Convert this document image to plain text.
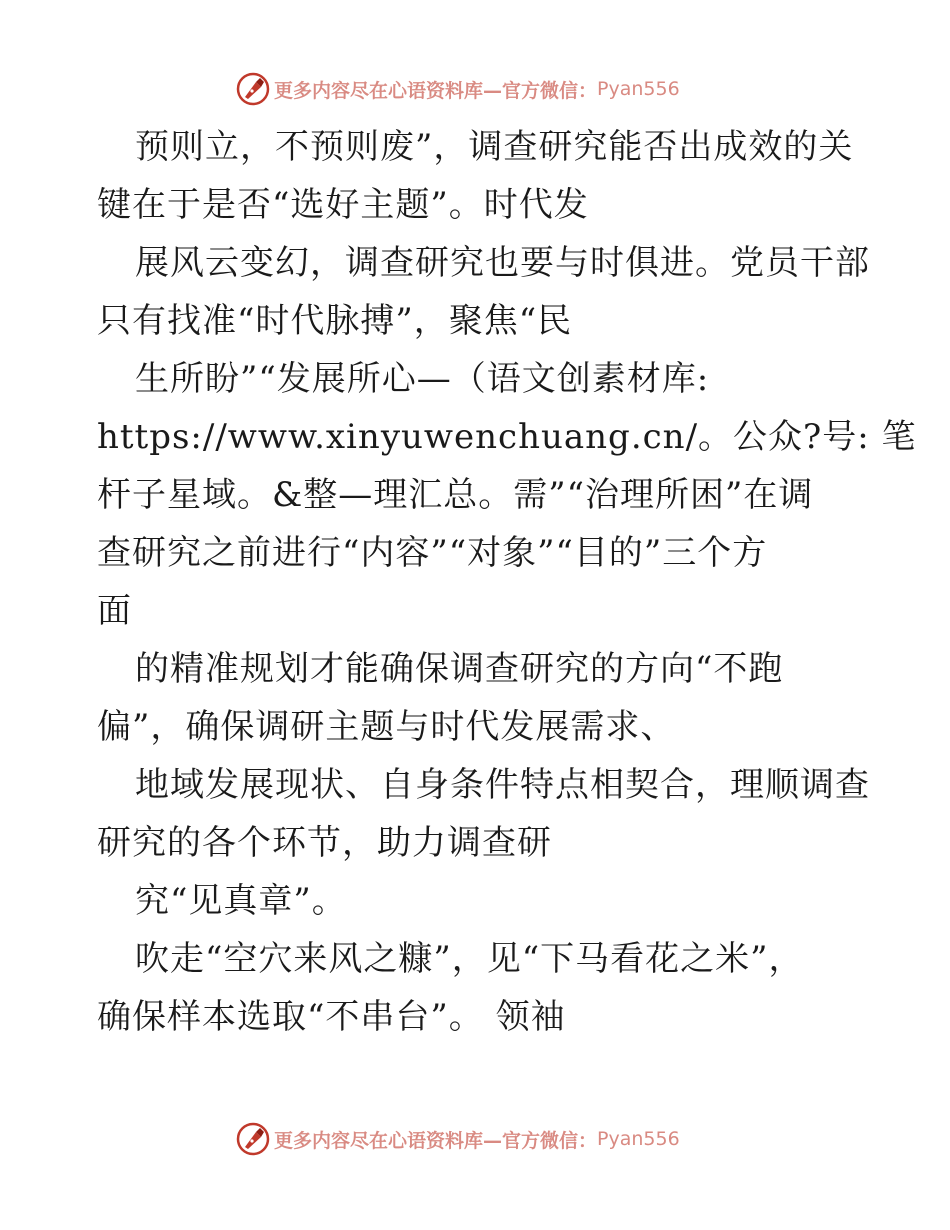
更多内容尽在心语资料库—官方微信： Pyan556
预则立，不预则废”，调查研究能否出成效的关
键在于是否“选好主题”。时代发
展风云变幻，调查研究也要与时俱进。党员干部
只有找准“时代脉搏”，聚焦“民
生所盼”“发展所心—（语文创素材库:
https://www.xinyuwenchuang.cn/。公众?号: 笔
杆子星域。&整—理汇总。需”“治理所困”在调
查研究之前进行“内容”“对象”“目的”三个方
面
的精准规划才能确保调查研究的方向“不跑
偏”，确保调研主题与时代发展需求、
地域发展现状、自身条件特点相契合，理顺调查
研究的各个环节，助力调查研
究“见真章”。
吹走“空穴来风之糠”，见“下马看花之米”，
确保样本选取“不串台”。 领袖
更多内容尽在心语资料库—官方微信： Pyan556
